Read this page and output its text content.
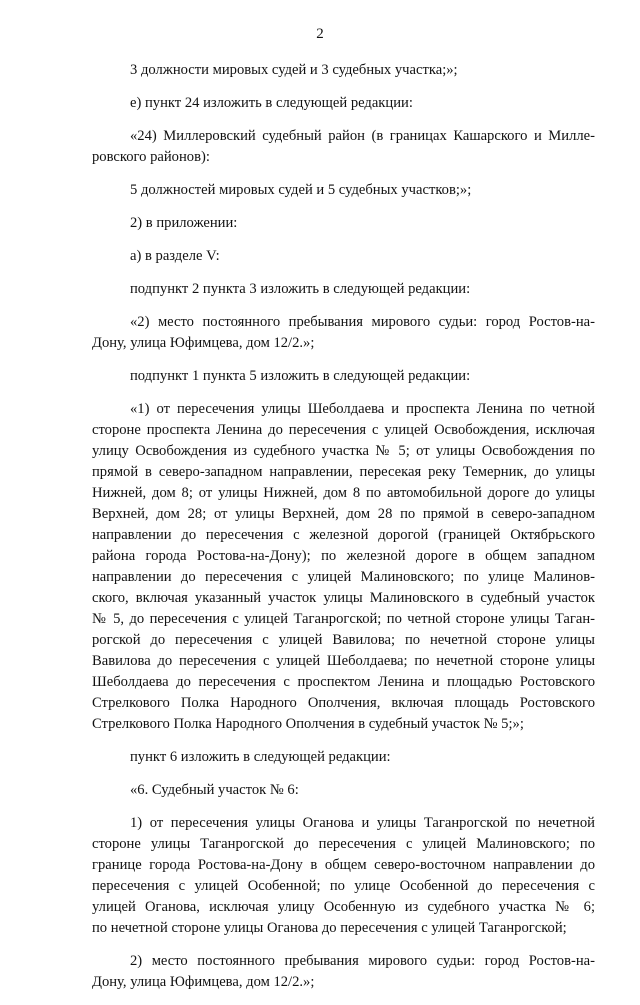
2
3 должности мировых судей и 3 судебных участка;»;
е) пункт 24 изложить в следующей редакции:
«24) Миллеровский судебный район (в границах Кашарского и Милле-
ровского районов):
5 должностей мировых судей и 5 судебных участков;»;
2) в приложении:
а) в разделе V:
подпункт 2 пункта 3 изложить в следующей редакции:
«2) место постоянного пребывания мирового судьи: город Ростов-на-
Дону, улица Юфимцева, дом 12/2.»;
подпункт 1 пункта 5 изложить в следующей редакции:
«1) от пересечения улицы Шеболдаева и проспекта Ленина по четной
стороне проспекта Ленина до пересечения с улицей Освобождения, исключая
улицу Освобождения из судебного участка № 5; от улицы Освобождения по
прямой в северо-западном направлении, пересекая реку Темерник, до улицы
Нижней, дом 8; от улицы Нижней, дом 8 по автомобильной дороге до улицы
Верхней, дом 28; от улицы Верхней, дом 28 по прямой в северо-западном
направлении до пересечения с железной дорогой (границей Октябрьского
района города Ростова-на-Дону); по железной дороге в общем западном
направлении до пересечения с улицей Малиновского; по улице Малинов-
ского, включая указанный участок улицы Малиновского в судебный участок
№ 5, до пересечения с улицей Таганрогской; по четной стороне улицы Таган-
рогской до пересечения с улицей Вавилова; по нечетной стороне улицы
Вавилова до пересечения с улицей Шеболдаева; по нечетной стороне улицы
Шеболдаева до пересечения с проспектом Ленина и площадью Ростовского
Стрелкового Полка Народного Ополчения, включая площадь Ростовского
Стрелкового Полка Народного Ополчения в судебный участок № 5;»;
пункт 6 изложить в следующей редакции:
«6. Судебный участок № 6:
1) от пересечения улицы Оганова и улицы Таганрогской по нечетной
стороне улицы Таганрогской до пересечения с улицей Малиновского; по
границе города Ростова-на-Дону в общем северо-восточном направлении до
пересечения с улицей Особенной; по улице Особенной до пересечения с
улицей Оганова, исключая улицу Особенную из судебного участка № 6;
по нечетной стороне улицы Оганова до пересечения с улицей Таганрогской;
2) место постоянного пребывания мирового судьи: город Ростов-на-
Дону, улица Юфимцева, дом 12/2.»;
